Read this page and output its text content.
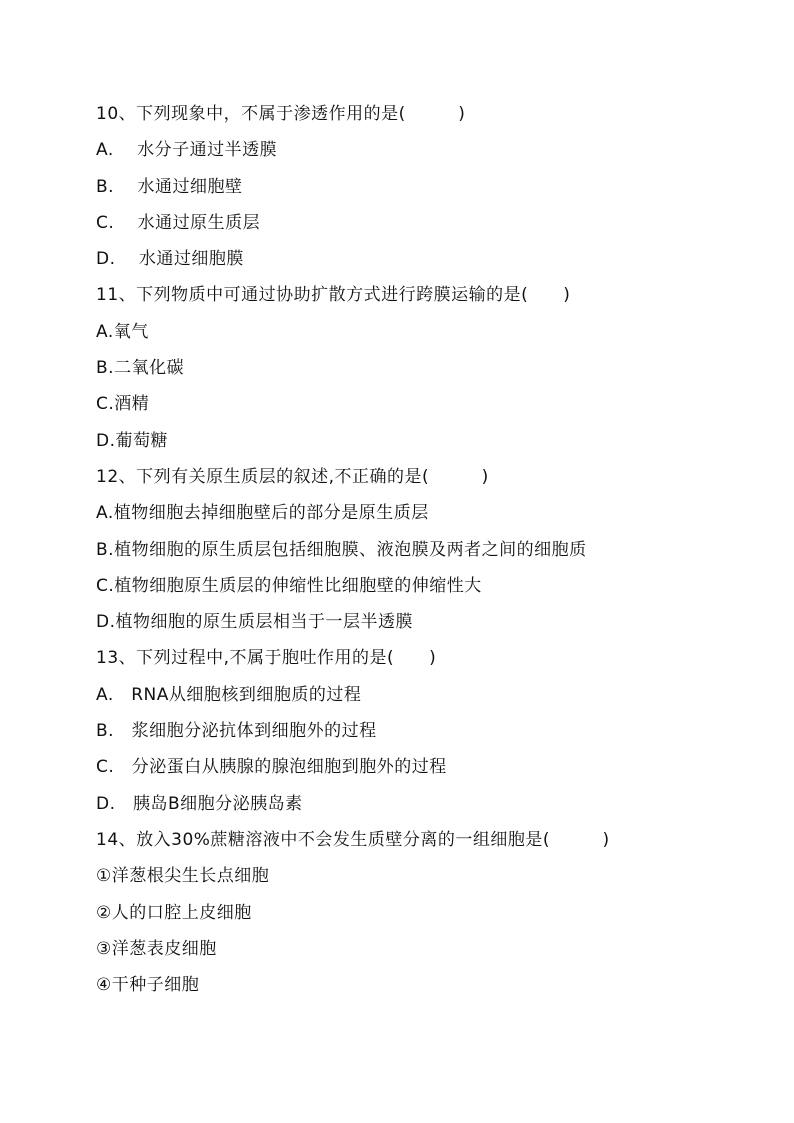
10、下列现象中，不属于渗透作用的是(　　　)
A.　 水分子通过半透膜
B.　 水通过细胞壁
C.　 水通过原生质层
D.　 水通过细胞膜
11、下列物质中可通过协助扩散方式进行跨膜运输的是(　　)
A.氧气
B.二氧化碳
C.酒精
D.葡萄糖
12、下列有关原生质层的叙述,不正确的是(　　　)
A.植物细胞去掉细胞壁后的部分是原生质层
B.植物细胞的原生质层包括细胞膜、液泡膜及两者之间的细胞质
C.植物细胞原生质层的伸缩性比细胞壁的伸缩性大
D.植物细胞的原生质层相当于一层半透膜
13、下列过程中,不属于胞吐作用的是(　　)
A.　RNA从细胞核到细胞质的过程
B.　浆细胞分泌抗体到细胞外的过程
C.　分泌蛋白从胰腺的腺泡细胞到胞外的过程
D.　胰岛B细胞分泌胰岛素
14、放入30%蔗糖溶液中不会发生质壁分离的一组细胞是(　　　)
①洋葱根尖生长点细胞
②人的口腔上皮细胞
③洋葱表皮细胞
④干种子细胞
